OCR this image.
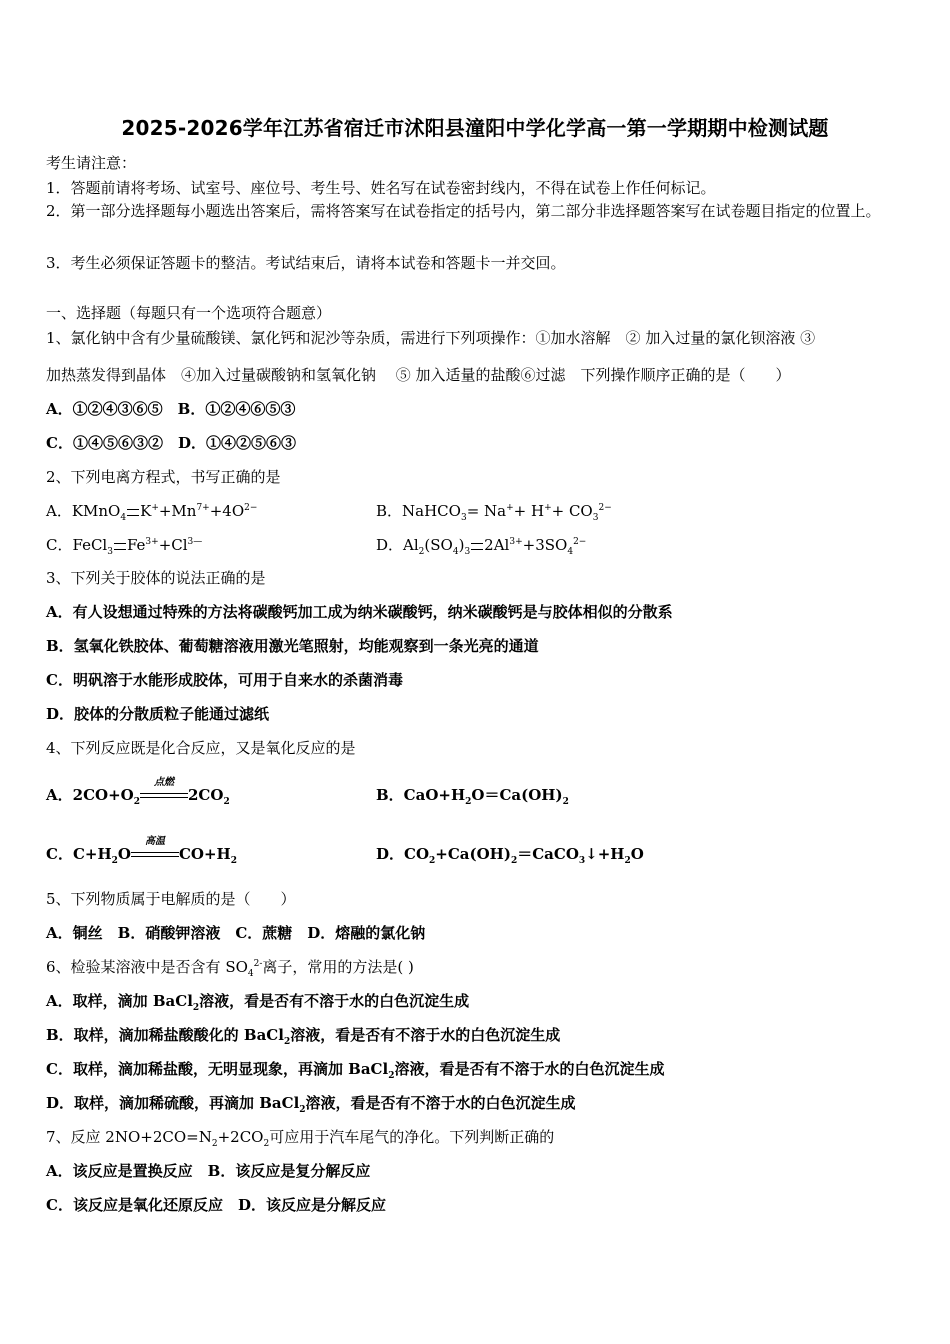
2025-2026学年江苏省宿迁市沭阳县潼阳中学化学高一第一学期期中检测试题
考生请注意：
1．答题前请将考场、试室号、座位号、考生号、姓名写在试卷密封线内，不得在试卷上作任何标记。
2．第一部分选择题每小题选出答案后，需将答案写在试卷指定的括号内，第二部分非选择题答案写在试卷题目指定的位置上。
3．考生必须保证答题卡的整洁。考试结束后，请将本试卷和答题卡一并交回。
一、选择题（每题只有一个选项符合题意）
1、氯化钠中含有少量硫酸镁、氯化钙和泥沙等杂质，需进行下列项操作：①加水溶解　② 加入过量的氯化钡溶液 ③
加热蒸发得到晶体　④加入过量碳酸钠和氢氧化钠　 ⑤ 加入适量的盐酸⑥过滤　下列操作顺序正确的是（　　）
A．①②④③⑥⑤　B．①②④⑥⑤③
C．①④⑤⑥③②　D．①④②⑤⑥③
2、下列电离方程式，书写正确的是
A．KMnO$_4$ $K^++Mn^{7+}+4O^{2-}$	B．NaHCO$_3$= $Na^++ H^++ CO_3^{2-}$
C．FeCl$_3$ $Fe^{3+}+Cl^{3—}$	D．$Al_2(SO_4)_3$ $2Al^{3+}+3SO_4^{2-}$
3、下列关于胶体的说法正确的是
A．有人设想通过特殊的方法将碳酸钙加工成为纳米碳酸钙，纳米碳酸钙是与胶体相似的分散系
B．氢氧化铁胶体、葡萄糖溶液用激光笔照射，均能观察到一条光亮的通道
C．明矾溶于水能形成胶体，可用于自来水的杀菌消毒
D．胶体的分散质粒子能通过滤纸
4、下列反应既是化合反应，又是氧化反应的是
A．$2CO+O_2$
点燃
$2CO_2$	B．$CaO+H_2O=Ca(OH)_2$
C．$C+H_2O$
高温
$CO+H_2$	D．$CO_2+Ca(OH)_2=CaCO_3↓+H_2O$
5、下列物质属于电解质的是（　　）
A．铜丝　B．硝酸钾溶液　C．蔗糖　D．熔融的氯化钠
6、检验某溶液中是否含有 $SO_4^{2-}$离子，常用的方法是( )
A．取样，滴加 BaCl$_2$溶液，看是否有不溶于水的白色沉淀生成
B．取样，滴加稀盐酸酸化的 BaCl$_2$溶液，看是否有不溶于水的白色沉淀生成
C．取样，滴加稀盐酸，无明显现象，再滴加 BaCl$_2$溶液，看是否有不溶于水的白色沉淀生成
D．取样，滴加稀硫酸，再滴加 BaCl$_2$溶液，看是否有不溶于水的白色沉淀生成
7、反应 $2NO+2CO=N_2+2CO_2$可应用于汽车尾气的净化。下列判断正确的
A．该反应是置换反应　B．该反应是复分解反应
C．该反应是氧化还原反应　D．该反应是分解反应
